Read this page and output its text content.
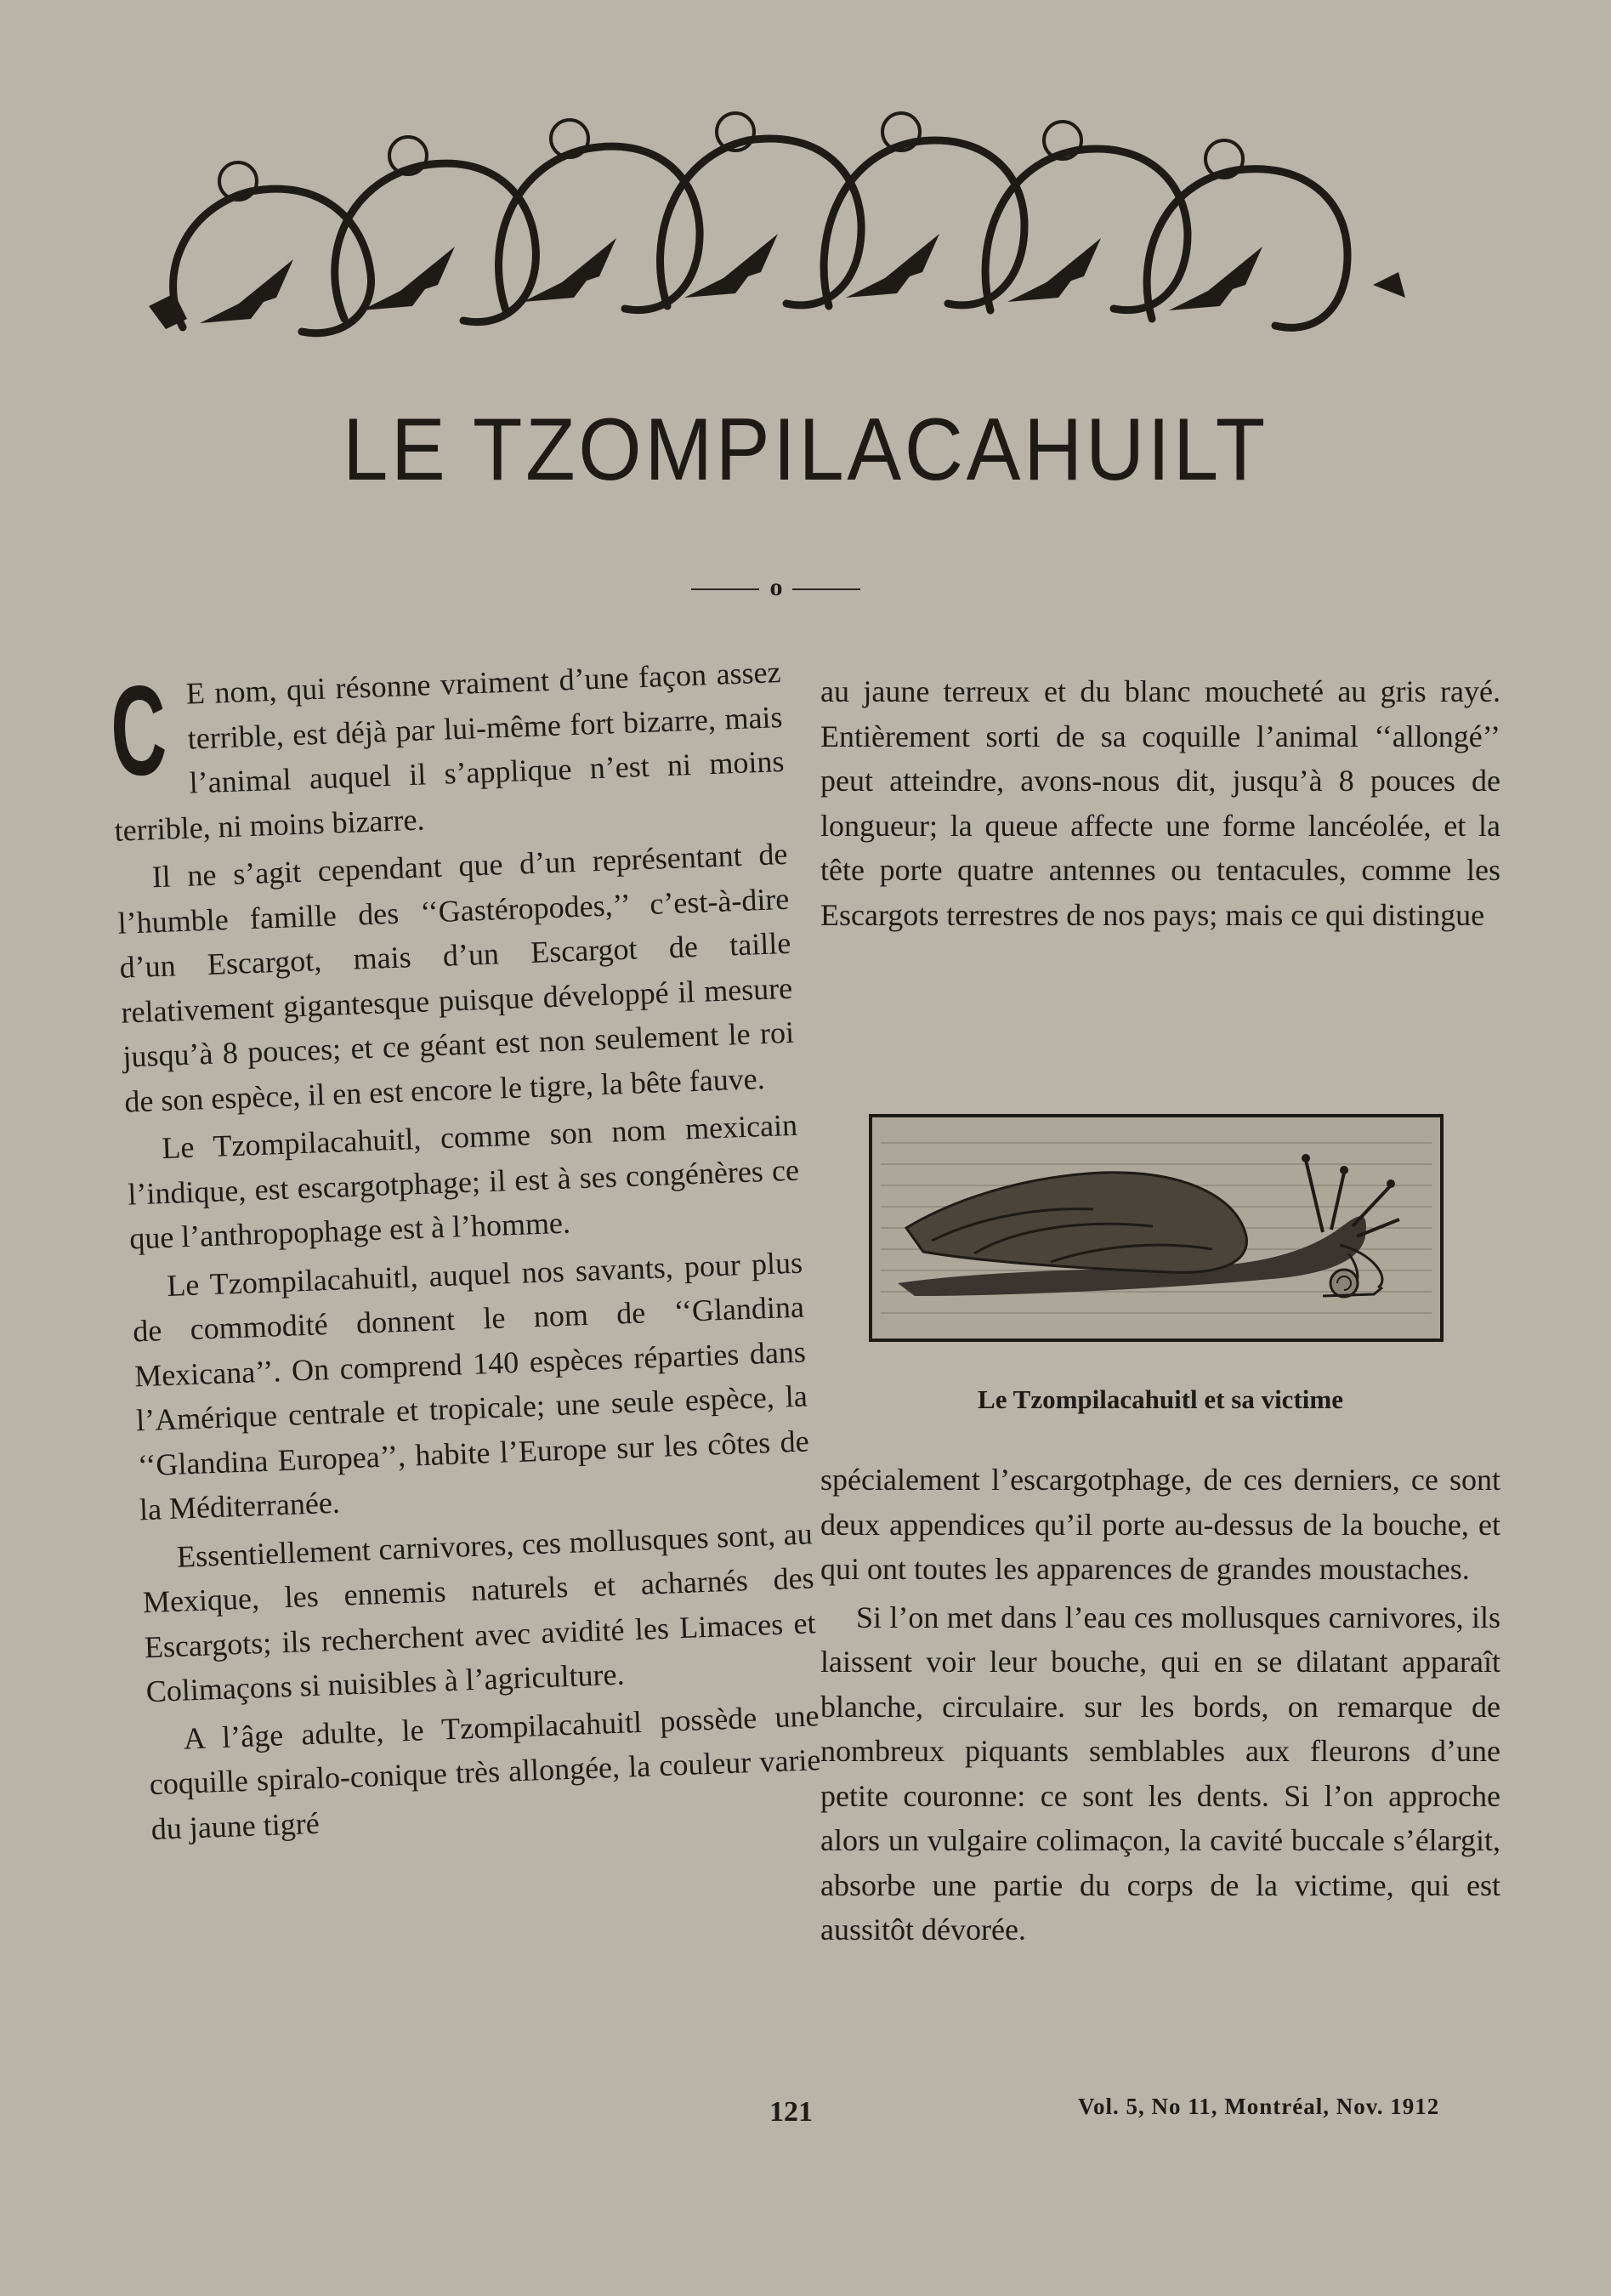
LE TZOMPILACAHUILT
o

C E nom, qui résonne vraiment d’une façon assez terrible, est déjà par lui-même fort bizarre, mais l’animal auquel il s’applique n’est ni moins terrible, ni moins bizarre.

Il ne s’agit cependant que d’un représentant de l’humble famille des ‘‘Gastéropodes,’’ c’est-à-dire d’un Escargot, mais d’un Escargot de taille relativement gigantesque puisque développé il mesure jusqu’à 8 pouces; et ce géant est non seulement le roi de son espèce, il en est encore le tigre, la bête fauve.

Le Tzompilacahuitl, comme son nom mexicain l’indique, est escargotphage; il est à ses congénères ce que l’anthropophage est à l’homme.

Le Tzompilacahuitl, auquel nos savants, pour plus de commodité donnent le nom de ‘‘Glandina Mexicana’’. On comprend 140 espèces réparties dans l’Amérique centrale et tropicale; une seule espèce, la ‘‘Glandina Europea’’, habite l’Europe sur les côtes de la Méditerranée.

Essentiellement carnivores, ces mollusques sont, au Mexique, les ennemis naturels et acharnés des Escargots; ils recherchent avec avidité les Limaces et Colimaçons si nuisibles à l’agriculture.

A l’âge adulte, le Tzompilacahuitl possède une coquille spiralo-conique très allongée, la couleur varie du jaune tigré

au jaune terreux et du blanc moucheté au gris rayé. Entièrement sorti de sa coquille l’animal ‘‘allongé’’ peut atteindre, avons-nous dit, jusqu’à 8 pouces de longueur; la queue affecte une forme lancéolée, et la tête porte quatre antennes ou tentacules, comme les Escargots terrestres de nos pays; mais ce qui distingue

Le Tzompilacahuitl et sa victime

spécialement l’escargotphage, de ces derniers, ce sont deux appendices qu’il porte au-dessus de la bouche, et qui ont toutes les apparences de grandes moustaches.

Si l’on met dans l’eau ces mollusques carnivores, ils laissent voir leur bouche, qui en se dilatant apparaît blanche, circulaire. sur les bords, on remarque de nombreux piquants semblables aux fleurons d’une petite couronne: ce sont les dents. Si l’on approche alors un vulgaire colimaçon, la cavité buccale s’élargit, absorbe une partie du corps de la victime, qui est aussitôt dévorée.

121	Vol. 5, No 11, Montréal, Nov. 1912
